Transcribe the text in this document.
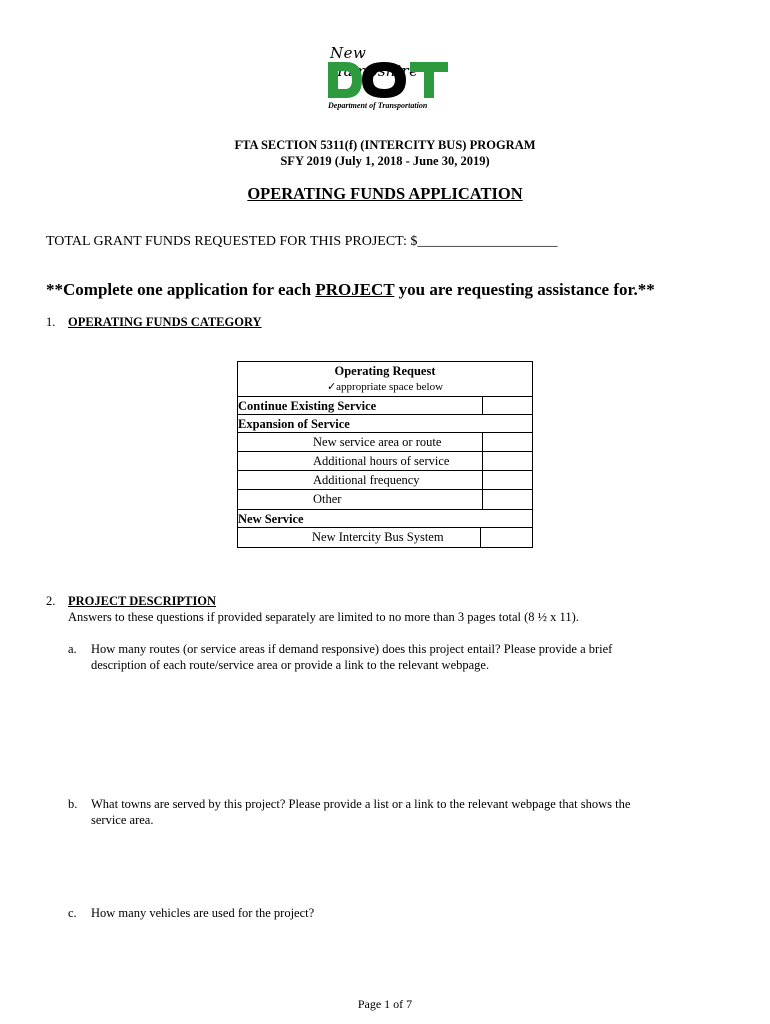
New
Department of Transportation
FTA SECTION 5311(f) (INTERCITY BUS) PROGRAM
SFY 2019 (July 1, 2018 - June 30, 2019)
OPERATING FUNDS APPLICATION
TOTAL GRANT FUNDS REQUESTED FOR THIS PROJECT: $____________________
**Complete one application for each PROJECT you are requesting assistance for.**
1. OPERATING FUNDS CATEGORY
Operating Request
✓appropriate space below
Continue Existing Service
Expansion of Service
New service area or route
Additional hours of service
Additional frequency
Other
New Service
New Intercity Bus System
2. PROJECT DESCRIPTION
Answers to these questions if provided separately are limited to no more than 3 pages total (8 ½ x 11).
a. How many routes (or service areas if demand responsive) does this project entail? Please provide a brief
description of each route/service area or provide a link to the relevant webpage.
b. What towns are served by this project? Please provide a list or a link to the relevant webpage that shows the
service area.
c. How many vehicles are used for the project?
Page 1 of 7
